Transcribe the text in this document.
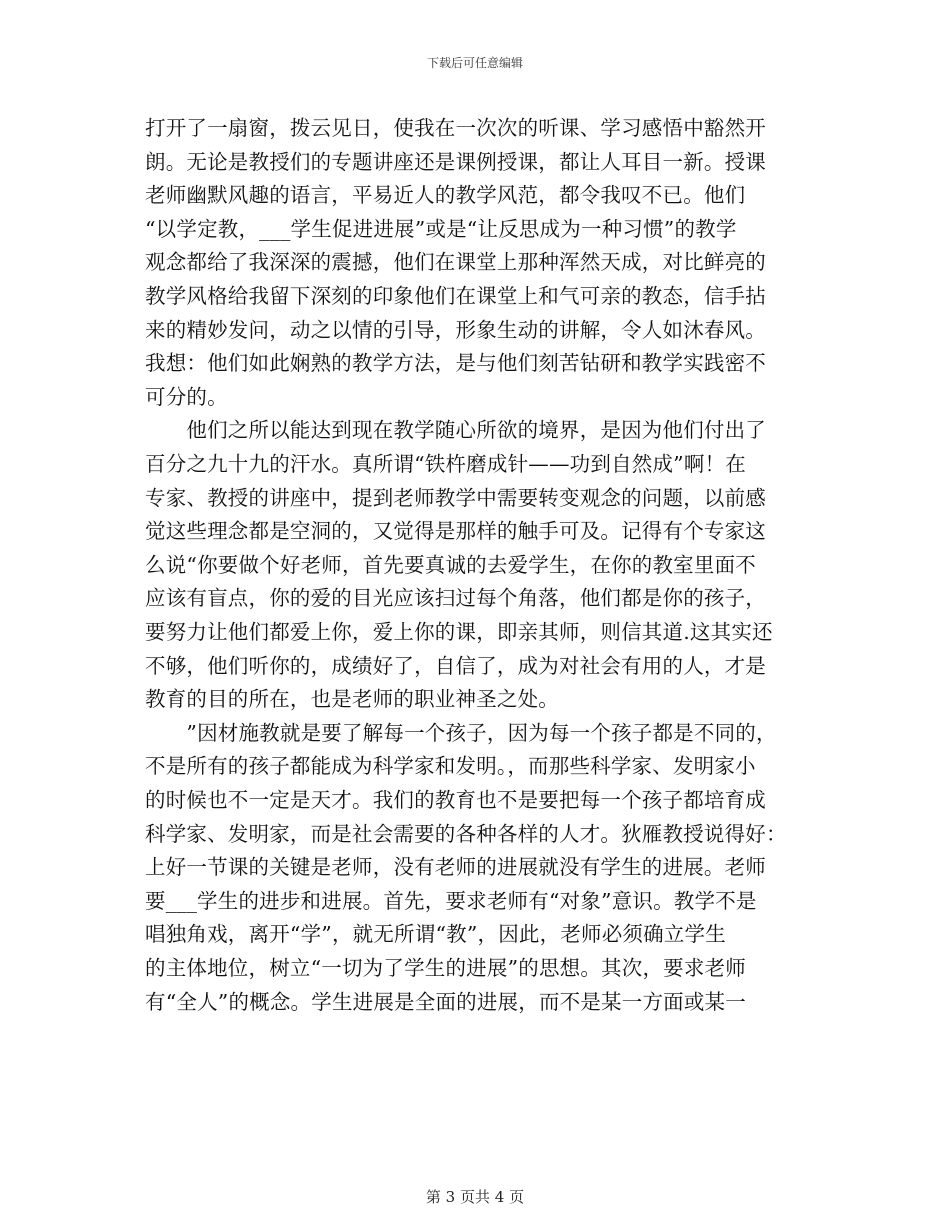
下载后可任意编辑
打开了一扇窗，拨云见日，使我在一次次的听课、学习感悟中豁然开
朗。无论是教授们的专题讲座还是课例授课，都让人耳目一新。授课
老师幽默风趣的语言，平易近人的教学风范，都令我叹不已。他们
“以学定教，___学生促进进展”或是“让反思成为一种习惯”的教学
观念都给了我深深的震撼，他们在课堂上那种浑然天成，对比鲜亮的
教学风格给我留下深刻的印象他们在课堂上和气可亲的教态，信手拈
来的精妙发问，动之以情的引导，形象生动的讲解，令人如沐春风。
我想：他们如此娴熟的教学方法，是与他们刻苦钻研和教学实践密不
可分的。
　　他们之所以能达到现在教学随心所欲的境界，是因为他们付出了
百分之九十九的汗水。真所谓“铁杵磨成针——功到自然成”啊！在
专家、教授的讲座中，提到老师教学中需要转变观念的问题，以前感
觉这些理念都是空洞的，又觉得是那样的触手可及。记得有个专家这
么说“你要做个好老师，首先要真诚的去爱学生，在你的教室里面不
应该有盲点，你的爱的目光应该扫过每个角落，他们都是你的孩子，
要努力让他们都爱上你，爱上你的课，即亲其师，则信其道.这其实还
不够，他们听你的，成绩好了，自信了，成为对社会有用的人，才是
教育的目的所在，也是老师的职业神圣之处。
　　”因材施教就是要了解每一个孩子，因为每一个孩子都是不同的，
不是所有的孩子都能成为科学家和发明。，而那些科学家、发明家小
的时候也不一定是天才。我们的教育也不是要把每一个孩子都培育成
科学家、发明家，而是社会需要的各种各样的人才。狄雁教授说得好：
上好一节课的关键是老师，没有老师的进展就没有学生的进展。老师
要___学生的进步和进展。首先，要求老师有“对象”意识。教学不是
唱独角戏，离开“学”，就无所谓“教”，因此，老师必须确立学生
的主体地位，树立“一切为了学生的进展”的思想。其次，要求老师
有“全人”的概念。学生进展是全面的进展，而不是某一方面或某一
第 3 页共 4 页
